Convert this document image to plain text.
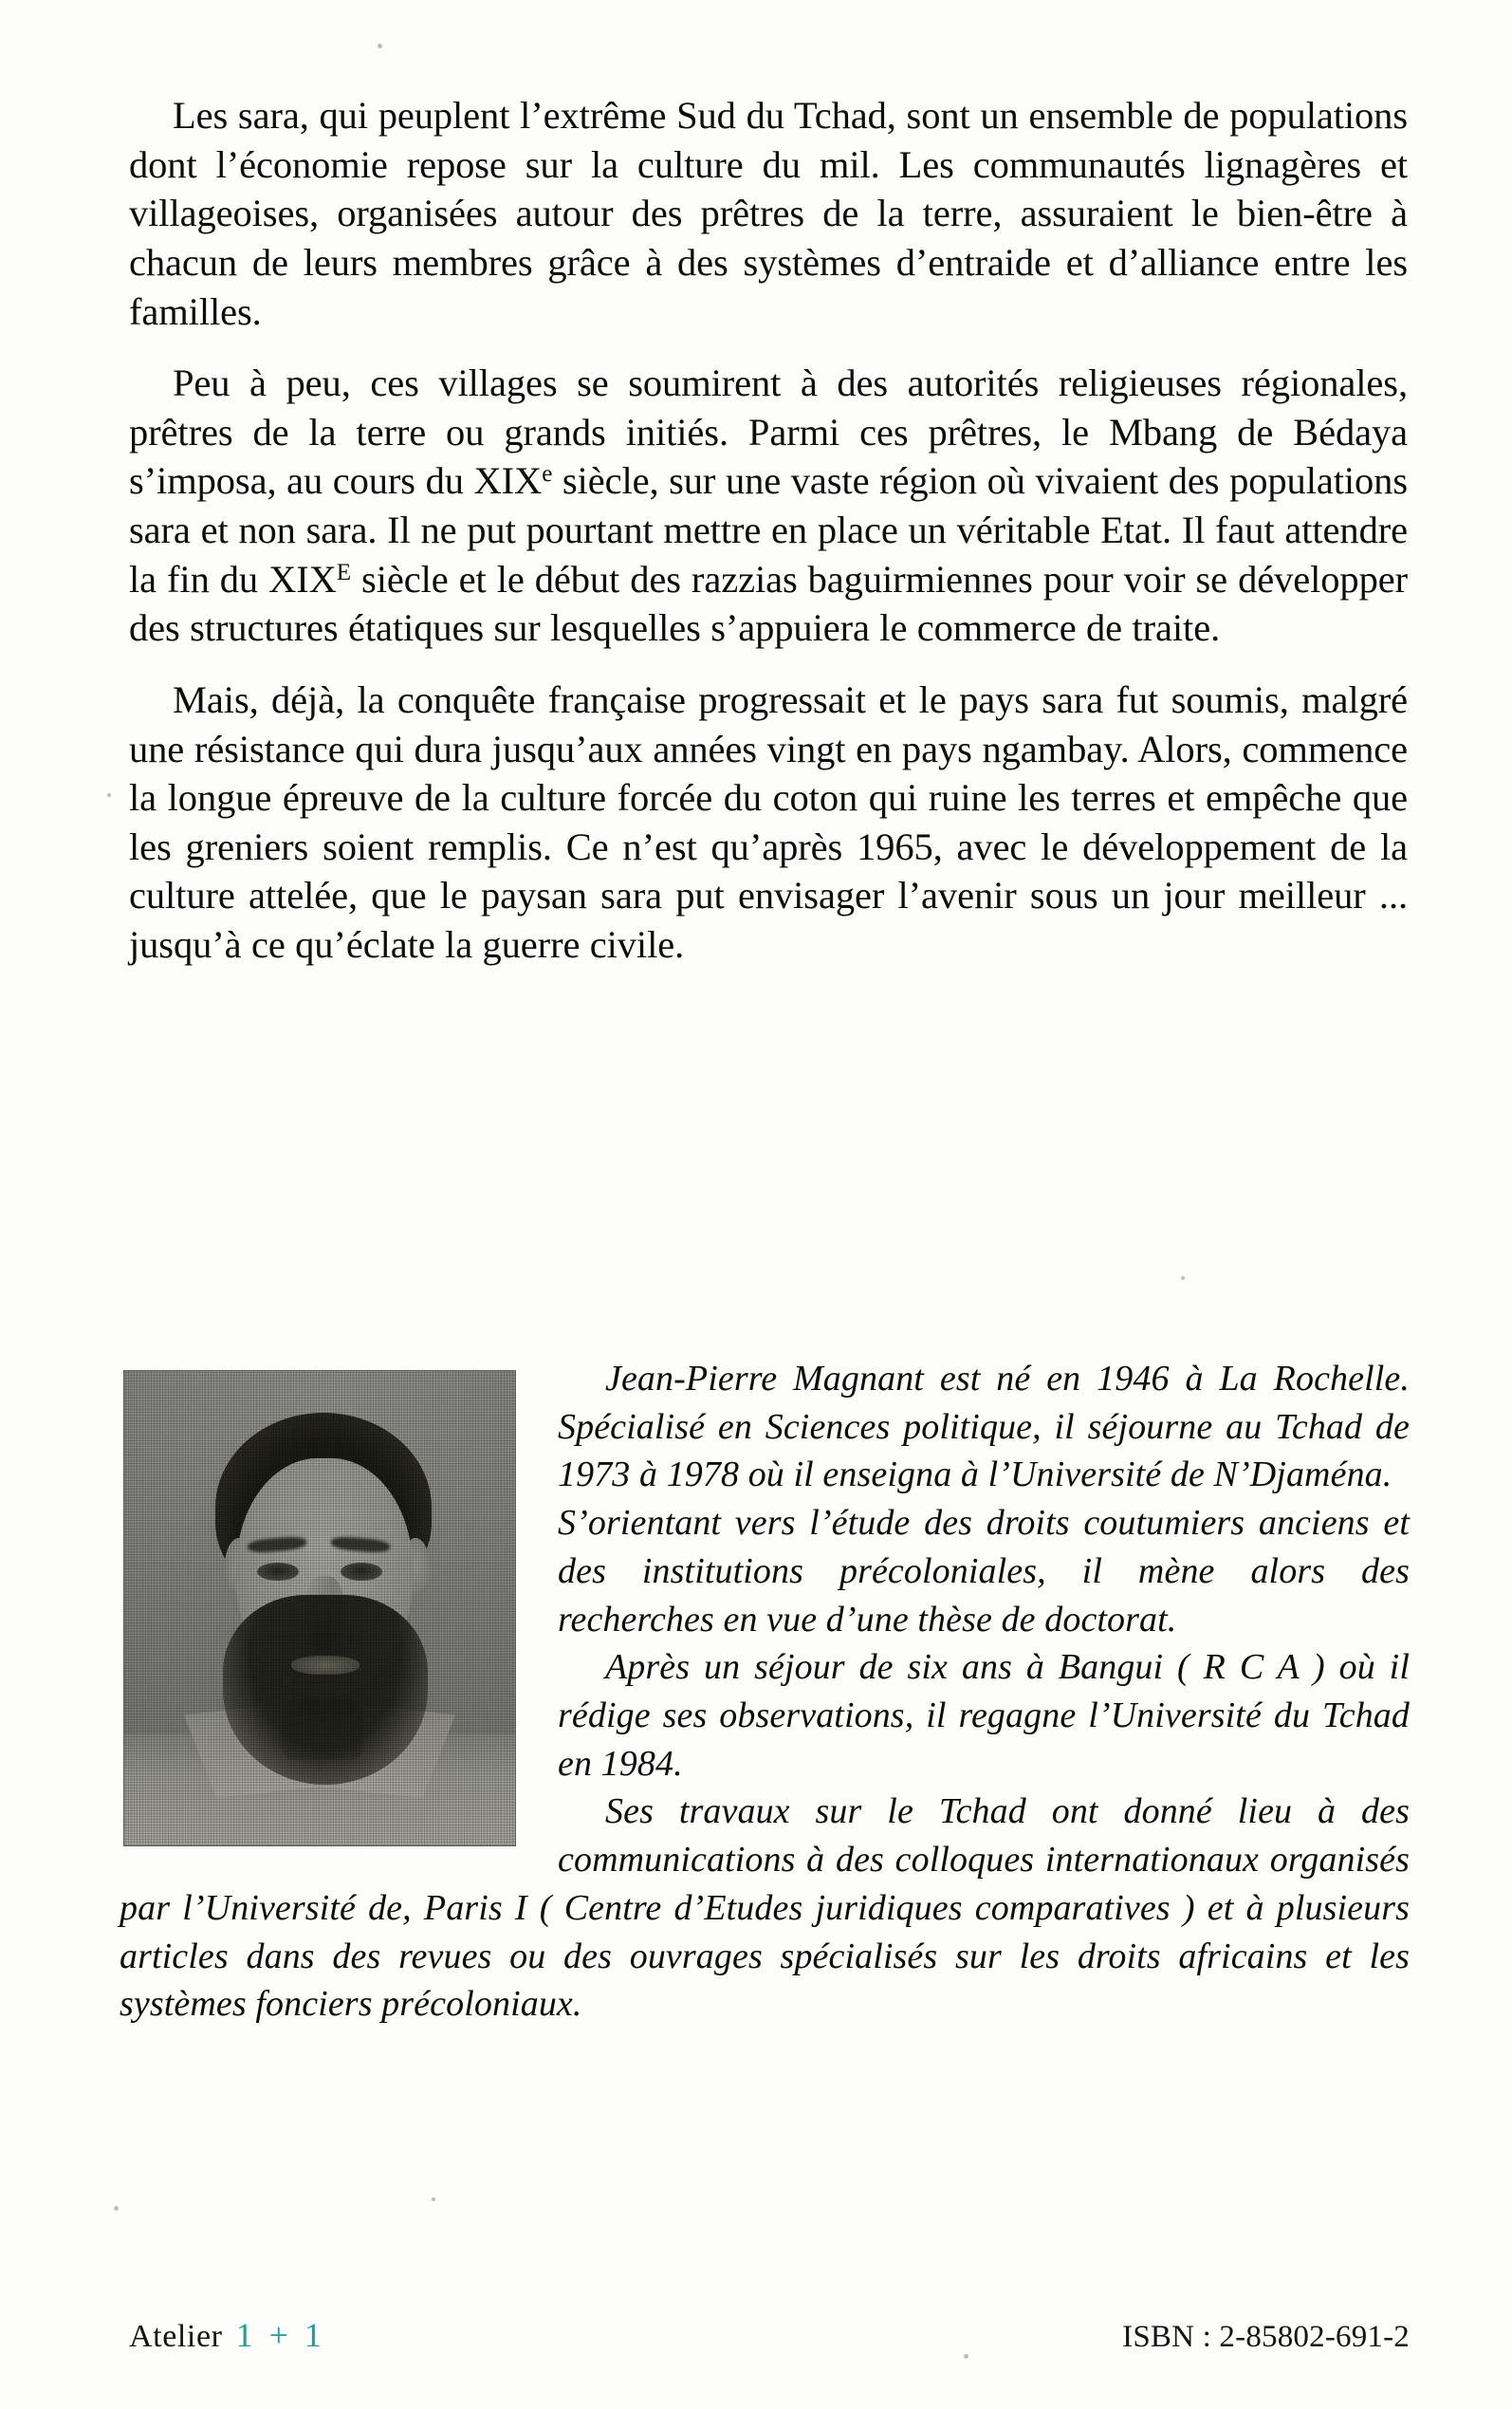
Les sara, qui peuplent l’extrême Sud du Tchad, sont un ensemble de populations dont l’économie repose sur la culture du mil. Les communautés lignagères et villageoises, organisées autour des prêtres de la terre, assuraient le bien-être à chacun de leurs membres grâce à des systèmes d’entraide et d’alliance entre les familles.

Peu à peu, ces villages se soumirent à des autorités religieuses régionales, prêtres de la terre ou grands initiés. Parmi ces prêtres, le Mbang de Bédaya s’imposa, au cours du XIXe siècle, sur une vaste région où vivaient des populations sara et non sara. Il ne put pourtant mettre en place un véritable Etat. Il faut attendre la fin du $XIX^E$ siècle et le début des razzias baguirmiennes pour voir se développer des structures étatiques sur lesquelles s’appuiera le commerce de traite.

Mais, déjà, la conquête française progressait et le pays sara fut soumis, malgré une résistance qui dura jusqu’aux années vingt en pays ngambay. Alors, commence la longue épreuve de la culture forcée du coton qui ruine les terres et empêche que les greniers soient remplis. Ce n’est qu’après 1965, avec le développement de la culture attelée, que le paysan sara put envisager l’avenir sous un jour meilleur ... jusqu’à ce qu’éclate la guerre civile.

Jean-Pierre Magnant est né en 1946 à La Rochelle. Spécialisé en Sciences politique, il séjourne au Tchad de 1973 à 1978 où il enseigna à l’Université de N’Djaména.

S’orientant vers l’étude des droits coutumiers anciens et des institutions précoloniales, il mène alors des recherches en vue d’une thèse de doctorat.

Après un séjour de six ans à Bangui ( R C A ) où il rédige ses observations, il regagne l’Université du Tchad en 1984.

Ses travaux sur le Tchad ont donné lieu à des communications à des colloques internationaux organisés par l’Université de, Paris I ( Centre d’Etudes juridiques comparatives ) et à plusieurs articles dans des revues ou des ouvrages spécialisés sur les droits africains et les systèmes fonciers précoloniaux.

Atelier 1 + 1	ISBN : 2-85802-691-2
